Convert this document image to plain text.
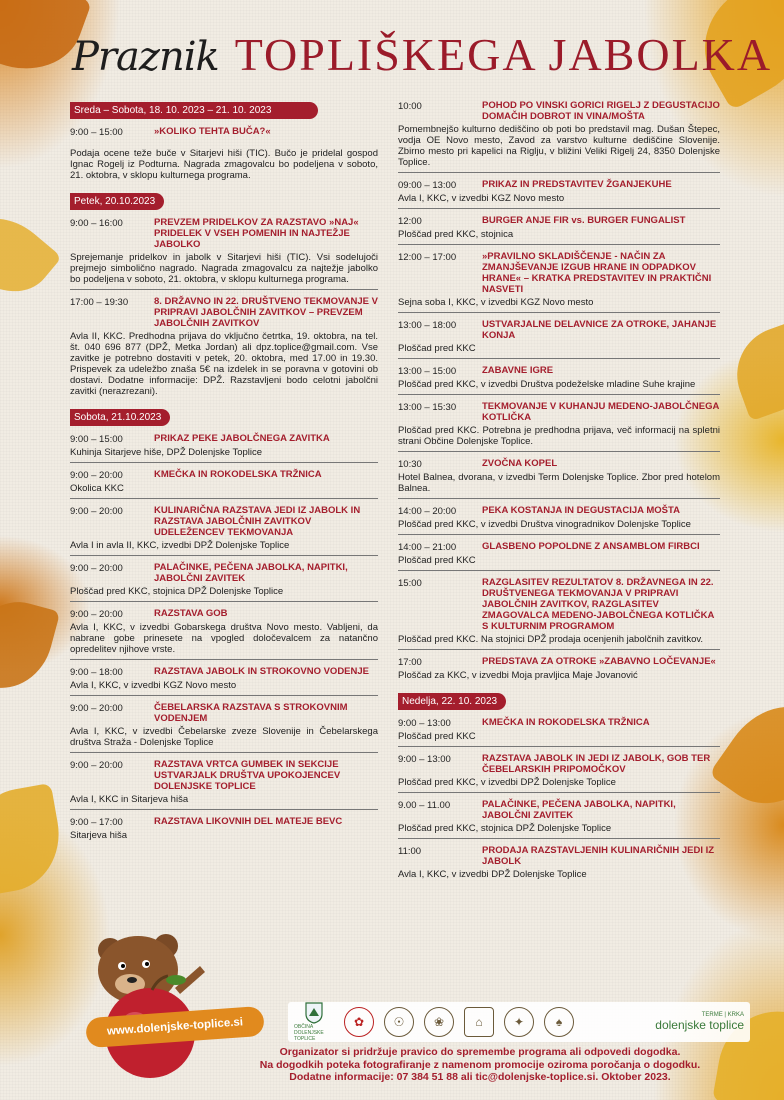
Praznik TOPLIŠKEGA JABOLKA
Sreda – Sobota, 18. 10. 2023 – 21. 10. 2023
9:00 – 15:00	»KOLIKO TEHTA BUČA?«
Podaja ocene teže buče v Sitarjevi hiši (TIC). Bučo je pridelal gospod Ignac Rogelj iz Podturna. Nagrada zmagovalcu bo podeljena v soboto, 21. oktobra, v sklopu kulturnega programa.
Petek, 20.10.2023
9:00 – 16:00	PREVZEM PRIDELKOV ZA RAZSTAVO »NAJ« PRIDELEK V VSEH POMENIH IN NAJTEŽJE JABOLKO
Sprejemanje pridelkov in jabolk v Sitarjevi hiši (TIC). Vsi sodelujoči prejmejo simbolično nagrado. Nagrada zmagovalcu za najtežje jabolko bo podeljena v soboto, 21. oktobra, v sklopu kulturnega programa.
17:00 – 19:30	8. DRŽAVNO IN 22. DRUŠTVENO TEKMOVANJE V PRIPRAVI JABOLČNIH ZAVITKOV – PREVZEM JABOLČNIH ZAVITKOV
Avla II, KKC. Predhodna prijava do vključno četrtka, 19. oktobra, na tel. št. 040 696 877 (DPŽ, Metka Jordan) ali dpz.toplice@gmail.com. Vse zavitke je potrebno dostaviti v petek, 20. oktobra, med 17.00 in 19.30. Prispevek za udeležbo znaša 5€ na izdelek in se poravna v gotovini ob dostavi. Dodatne informacije: DPŽ. Razstavljeni bodo celotni jabolčni zavitki (nerazrezani).
Sobota, 21.10.2023
9:00 – 15:00	PRIKAZ PEKE JABOLČNEGA ZAVITKA
Kuhinja Sitarjeve hiše, DPŽ Dolenjske Toplice
9:00 – 20:00	KMEČKA IN ROKODELSKA TRŽNICA
Okolica KKC
9:00 – 20:00	KULINARIČNA RAZSTAVA JEDI IZ JABOLK IN RAZSTAVA JABOLČNIH ZAVITKOV UDELEŽENCEV TEKMOVANJA
Avla I in avla II, KKC, izvedbi DPŽ Dolenjske Toplice
9:00 – 20:00	PALAČINKE, PEČENA JABOLKA, NAPITKI, JABOLČNI ZAVITEK
Ploščad pred KKC, stojnica DPŽ Dolenjske Toplice
9:00 – 20:00	RAZSTAVA GOB
Avla I, KKC, v izvedbi Gobarskega društva Novo mesto. Vabljeni, da nabrane gobe prinesete na vpogled določevalcem za natančno opredelitev njihove vrste.
9:00 – 18:00	RAZSTAVA JABOLK IN STROKOVNO VODENJE
Avla I, KKC, v izvedbi KGZ Novo mesto
9:00 – 20:00	ČEBELARSKA RAZSTAVA S STROKOVNIM VODENJEM
Avla I, KKC, v izvedbi Čebelarske zveze Slovenije in Čebelarskega društva Straža - Dolenjske Toplice
9:00 – 20:00	RAZSTAVA VRTCA GUMBEK IN SEKCIJE USTVARJALK DRUŠTVA UPOKOJENCEV DOLENJSKE TOPLICE
Avla I, KKC in Sitarjeva hiša
9:00 – 17:00	RAZSTAVA LIKOVNIH DEL MATEJE BEVC
Sitarjeva hiša
10:00	POHOD PO VINSKI GORICI RIGELJ Z DEGUSTACIJO DOMAČIH DOBROT IN VINA/MOŠTA
Pomembnejšo kulturno dediščino ob poti bo predstavil mag. Dušan Štepec, vodja OE Novo mesto, Zavod za varstvo kulturne dediščine Slovenije. Zbirno mesto pri kapelici na Riglju, v bližini Veliki Rigelj 24, 8350 Dolenjske Toplice.
09:00 – 13:00	PRIKAZ IN PREDSTAVITEV ŽGANJEKUHE
Avla I, KKC, v izvedbi KGZ Novo mesto
12:00	BURGER ANJE FIR vs. BURGER FUNGALIST
Ploščad pred KKC, stojnica
12:00 – 17:00	»PRAVILNO SKLADIŠČENJE - NAČIN ZA ZMANJŠEVANJE IZGUB HRANE IN ODPADKOV HRANE« – KRATKA PREDSTAVITEV IN PRAKTIČNI NASVETI
Sejna soba I, KKC, v izvedbi KGZ Novo mesto
13:00 – 18:00	USTVARJALNE DELAVNICE ZA OTROKE, JAHANJE KONJA
Ploščad pred KKC
13:00 – 15:00	ZABAVNE IGRE
Ploščad pred KKC, v izvedbi Društva podeželske mladine Suhe krajine
13:00 – 15:30	TEKMOVANJE V KUHANJU MEDENO-JABOLČNEGA KOTLIČKA
Ploščad pred KKC. Potrebna je predhodna prijava, več informacij na spletni strani Občine Dolenjske Toplice.
10:30	ZVOČNA KOPEL
Hotel Balnea, dvorana, v izvedbi Term Dolenjske Toplice. Zbor pred hotelom Balnea.
14:00 – 20:00	PEKA KOSTANJA IN DEGUSTACIJA MOŠTA
Ploščad pred KKC, v izvedbi Društva vinogradnikov Dolenjske Toplice
14:00 – 21:00	GLASBENO POPOLDNE Z ANSAMBLOM FIRBCI
Ploščad pred KKC
15:00	RAZGLASITEV REZULTATOV 8. DRŽAVNEGA IN 22. DRUŠTVENEGA TEKMOVANJA V PRIPRAVI JABOLČNIH ZAVITKOV, RAZGLASITEV ZMAGOVALCA MEDENO-JABOLČNEGA KOTLIČKA S KULTURNIM PROGRAMOM
Ploščad pred KKC. Na stojnici DPŽ prodaja ocenjenih jabolčnih zavitkov.
17:00	PREDSTAVA ZA OTROKE »ZABAVNO LOČEVANJE«
Ploščad za KKC, v izvedbi Moja pravljica Maje Jovanović
Nedelja, 22. 10. 2023
9:00 – 13:00	KMEČKA IN ROKODELSKA TRŽNICA
Ploščad pred KKC
9:00 – 13:00	RAZSTAVA JABOLK IN JEDI IZ JABOLK, GOB TER ČEBELARSKIH PRIPOMOČKOV
Ploščad pred KKC, v izvedbi DPŽ Dolenjske Toplice
9.00 – 11.00	PALAČINKE, PEČENA JABOLKA, NAPITKI, JABOLČNI ZAVITEK
Ploščad pred KKC, stojnica DPŽ Dolenjske Toplice
11:00	PRODAJA RAZSTAVLJENIH KULINARIČNIH JEDI IZ JABOLK
Avla I, KKC, v izvedbi DPŽ Dolenjske Toplice
www.dolenjske-toplice.si	OBČINA DOLENJSKE TOPLICE
✿	☉	❀	⌂	✦	♠	TERME | KRKA
dolenjske toplice
Organizator si pridržuje pravico do spremembe programa ali odpovedi dogodka.
Na dogodkih poteka fotografiranje z namenom promocije oziroma poročanja o dogodku.
Dodatne informacije: 07 384 51 88 ali tic@dolenjske-toplice.si. Oktober 2023.
